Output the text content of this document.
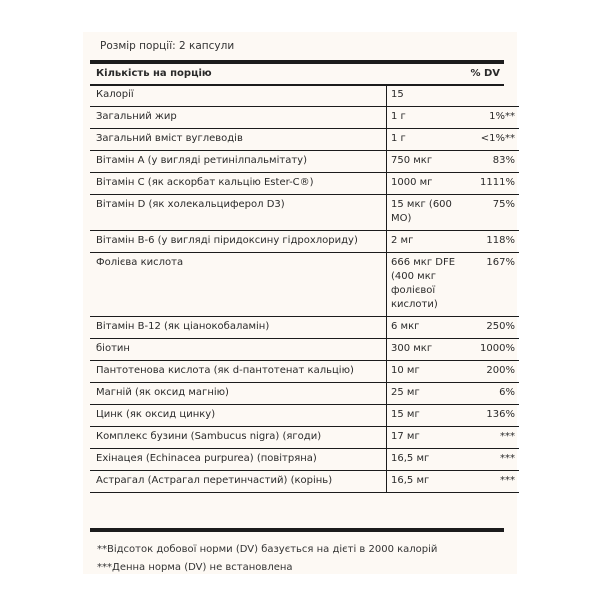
Розмір порції: 2 капсули
Кількість на порцію	% DV
Калорії	15	
Загальний жир	1 г	1%**
Загальний вміст вуглеводів	1 г	<1%**
Вітамін А (у вигляді ретинілпальмітату)	750 мкг	83%
Вітамін С (як аскорбат кальцію Ester-C®)	1000 мг	1111%
Вітамін D (як холекальциферол D3)	15 мкг (600 МО)	75%
Вітамін В-6 (у вигляді піридоксину гідрохлориду)	2 мг	118%
Фолієва кислота	666 мкг DFE (400 мкг фолієвої кислоти)	167%
Вітамін В-12 (як ціанокобаламін)	6 мкг	250%
біотин	300 мкг	1000%
Пантотенова кислота (як d-пантотенат кальцію)	10 мг	200%
Магній (як оксид магнію)	25 мг	6%
Цинк (як оксид цинку)	15 мг	136%
Комплекс бузини (Sambucus nigra) (ягоди)	17 мг	***
Ехінацея (Echinacea purpurea) (повітряна)	16,5 мг	***
Астрагал (Астрагал перетинчастий) (корінь)	16,5 мг	***
**Відсоток добової норми (DV) базується на дієті в 2000 калорій
***Денна норма (DV) не встановлена
